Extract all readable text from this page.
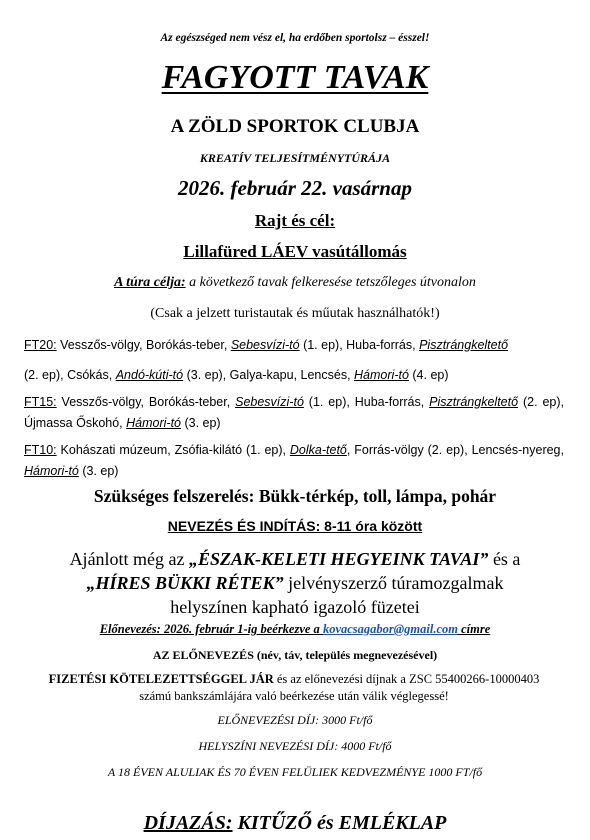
Az egészséged nem vész el, ha erdőben sportolsz – ésszel!
FAGYOTT TAVAK
A ZÖLD SPORTOK CLUBJA
KREATÍV TELJESÍTMÉNYTÚRÁJA
2026. február 22. vasárnap
Rajt és cél:
Lillafüred LÁEV vasútállomás
A túra célja: a következő tavak felkeresése tetszőleges útvonalon
(Csak a jelzett turistautak és műutak használhatók!)
FT20: Vesszős-völgy, Borókás-teber, Sebesvízi-tó (1. ep), Huba-forrás, Pisztrángkeltető
(2. ep), Csókás, Andó-kúti-tó (3. ep), Galya-kapu, Lencsés, Hámori-tó (4. ep)
FT15: Vesszős-völgy, Borókás-teber, Sebesvízi-tó (1. ep), Huba-forrás, Pisztrángkeltető (2. ep), Újmassa Őskohó, Hámori-tó (3. ep)
FT10: Kohászati múzeum, Zsófia-kilátó (1. ep), Dolka-tető, Forrás-völgy (2. ep), Lencsés-nyereg, Hámori-tó (3. ep)
Szükséges felszerelés: Bükk-térkép, toll, lámpa, pohár
NEVEZÉS ÉS INDÍTÁS: 8-11 óra között
Ajánlott még az „ÉSZAK-KELETI HEGYEINK TAVAI” és a
„HÍRES BÜKKI RÉTEK” jelvényszerző túramozgalmak
helyszínen kapható igazoló füzetei
Előnevezés: 2026. február 1-ig beérkezve a kovacsagabor@gmail.com címre
AZ ELŐNEVEZÉS (név, táv, település megnevezésével)
FIZETÉSI KÖTELEZETTSÉGGEL JÁR és az előnevezési díjnak a ZSC 55400266-10000403 számú bankszámlájára való beérkezése után válik véglegessé!
ELŐNEVEZÉSI DÍJ: 3000 Ft/fő
HELYSZÍNI NEVEZÉSI DÍJ: 4000 Ft/fő
A 18 ÉVEN ALULIAK ÉS 70 ÉVEN FELÜLIEK KEDVEZMÉNYE 1000 FT/fő
DÍJAZÁS: KITŰZŐ és EMLÉKLAP
